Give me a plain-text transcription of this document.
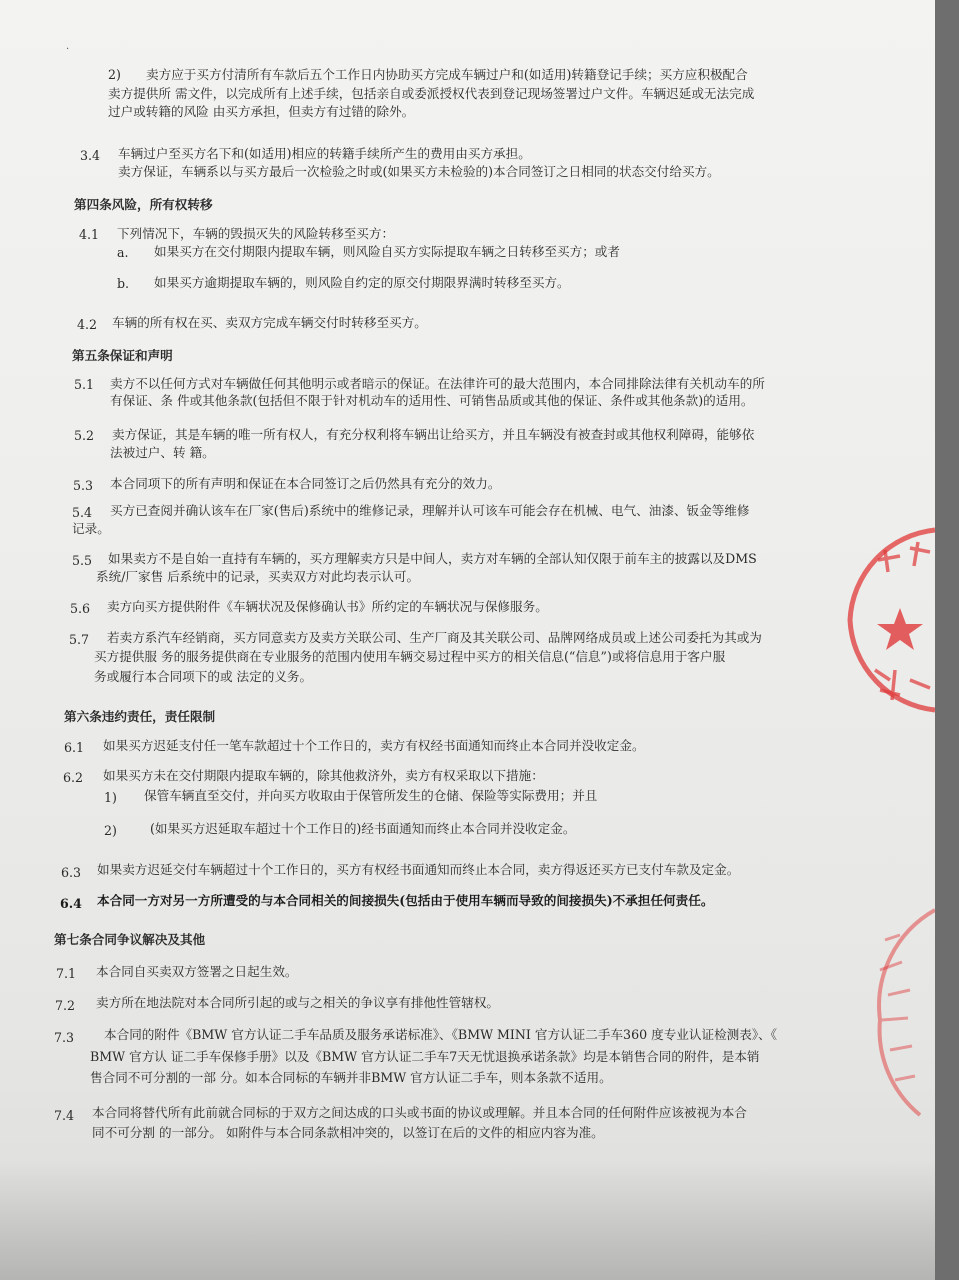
·
2) 卖方应于买方付清所有车款后五个工作日内协助买方完成车辆过户和(如适用)转籍登记手续；买方应积极配合
卖方提供所 需文件，以完成所有上述手续，包括亲自或委派授权代表到登记现场签署过户文件。车辆迟延或无法完成
过户或转籍的风险 由买方承担，但卖方有过错的除外。
3.4 车辆过户至买方名下和(如适用)相应的转籍手续所产生的费用由买方承担。
卖方保证，车辆系以与买方最后一次检验之时或(如果买方未检验的)本合同签订之日相同的状态交付给买方。
第四条风险，所有权转移
4.1 下列情况下，车辆的毁损灭失的风险转移至买方：
a. 如果买方在交付期限内提取车辆，则风险自买方实际提取车辆之日转移至买方；或者
b. 如果买方逾期提取车辆的，则风险自约定的原交付期限界满时转移至买方。
4.2 车辆的所有权在买、卖双方完成车辆交付时转移至买方。
第五条保证和声明
5.1 卖方不以任何方式对车辆做任何其他明示或者暗示的保证。在法律许可的最大范围内，本合同排除法律有关机动车的所
有保证、条 件或其他条款(包括但不限于针对机动车的适用性、可销售品质或其他的保证、条件或其他条款)的适用。
5.2 卖方保证，其是车辆的唯一所有权人，有充分权利将车辆出让给买方，并且车辆没有被查封或其他权利障碍，能够依
法被过户、转 籍。
5.3 本合同项下的所有声明和保证在本合同签订之后仍然具有充分的效力。
5.4 买方已查阅并确认该车在厂家(售后)系统中的维修记录，理解并认可该车可能会存在机械、电气、油漆、钣金等维修
记录。
5.5 如果卖方不是自始一直持有车辆的，买方理解卖方只是中间人，卖方对车辆的全部认知仅限于前车主的披露以及DMS
系统/厂家售 后系统中的记录，买卖双方对此均表示认可。
5.6 卖方向买方提供附件《车辆状况及保修确认书》所约定的车辆状况与保修服务。
5.7 若卖方系汽车经销商，买方同意卖方及卖方关联公司、生产厂商及其关联公司、品牌网络成员或上述公司委托为其或为
买方提供服 务的服务提供商在专业服务的范围内使用车辆交易过程中买方的相关信息(“信息”)或将信息用于客户服
务或履行本合同项下的或 法定的义务。
第六条违约责任，责任限制
6.1 如果买方迟延支付任一笔车款超过十个工作日的，卖方有权经书面通知而终止本合同并没收定金。
6.2 如果买方未在交付期限内提取车辆的，除其他救济外，卖方有权采取以下措施：
1) 保管车辆直至交付，并向买方收取由于保管所发生的仓储、保险等实际费用；并且
2)	(如果买方迟延取车超过十个工作日的)经书面通知而终止本合同并没收定金。
6.3 如果卖方迟延交付车辆超过十个工作日的，买方有权经书面通知而终止本合同，卖方得返还买方已支付车款及定金。
6.4 本合同一方对另一方所遭受的与本合同相关的间接损失(包括由于使用车辆而导致的间接损失)不承担任何责任。
第七条合同争议解决及其他
7.1 本合同自买卖双方签署之日起生效。
7.2 卖方所在地法院对本合同所引起的或与之相关的争议享有排他性管辖权。
7.3 本合同的附件《BMW 官方认证二手车品质及服务承诺标准》、《BMW MINI 官方认证二手车360 度专业认证检测表》、《
BMW 官方认 证二手车保修手册》以及《BMW 官方认证二手车7天无忧退换承诺条款》均是本销售合同的附件，是本销
售合同不可分割的一部 分。如本合同标的车辆并非BMW 官方认证二手车，则本条款不适用。
7.4 本合同将替代所有此前就合同标的于双方之间达成的口头或书面的协议或理解。并且本合同的任何附件应该被视为本合
同不可分割 的一部分。 如附件与本合同条款相冲突的，以签订在后的文件的相应内容为准。
